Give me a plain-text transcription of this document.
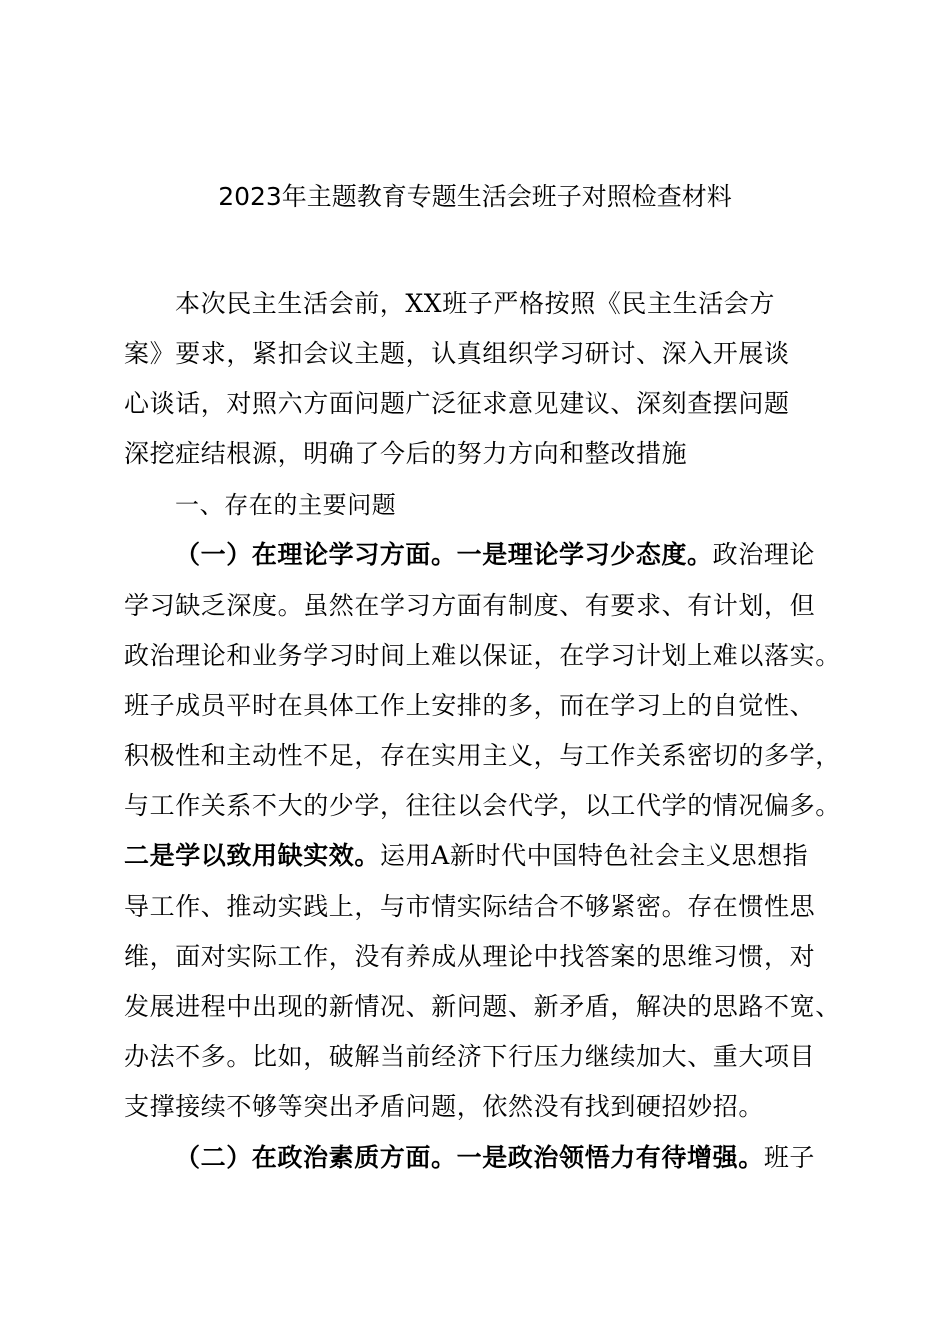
2023年主题教育专题生活会班子对照检查材料
本次民主生活会前，XX班子严格按照《民主生活会方
案》要求，紧扣会议主题，认真组织学习研讨、深入开展谈
心谈话，对照六方面问题广泛征求意见建议、深刻查摆问题
深挖症结根源，明确了今后的努力方向和整改措施
一、存在的主要问题
（一）在理论学习方面。一是理论学习少态度。政治理论
学习缺乏深度。虽然在学习方面有制度、有要求、有计划，但
政治理论和业务学习时间上难以保证，在学习计划上难以落实。
班子成员平时在具体工作上安排的多，而在学习上的自觉性、
积极性和主动性不足，存在实用主义，与工作关系密切的多学，
与工作关系不大的少学，往往以会代学，以工代学的情况偏多。
二是学以致用缺实效。运用A新时代中国特色社会主义思想指
导工作、推动实践上，与市情实际结合不够紧密。存在惯性思
维，面对实际工作，没有养成从理论中找答案的思维习惯，对
发展进程中出现的新情况、新问题、新矛盾，解决的思路不宽、
办法不多。比如，破解当前经济下行压力继续加大、重大项目
支撑接续不够等突出矛盾问题，依然没有找到硬招妙招。
（二）在政治素质方面。一是政治领悟力有待增强。班子
